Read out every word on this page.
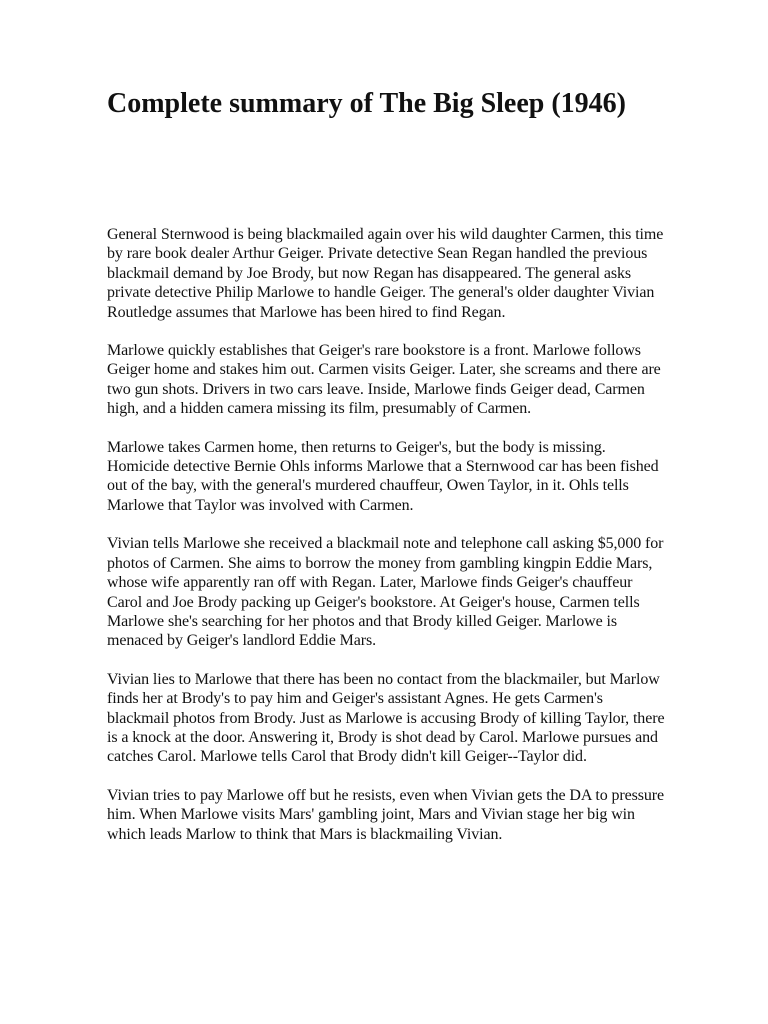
Complete summary of The Big Sleep (1946)

General Sternwood is being blackmailed again over his wild daughter Carmen, this time by rare book dealer Arthur Geiger. Private detective Sean Regan handled the previous blackmail demand by Joe Brody, but now Regan has disappeared. The general asks private detective Philip Marlowe to handle Geiger. The general's older daughter Vivian Routledge assumes that Marlowe has been hired to find Regan.

Marlowe quickly establishes that Geiger's rare bookstore is a front. Marlowe follows Geiger home and stakes him out. Carmen visits Geiger. Later, she screams and there are two gun shots. Drivers in two cars leave. Inside, Marlowe finds Geiger dead, Carmen high, and a hidden camera missing its film, presumably of Carmen.

Marlowe takes Carmen home, then returns to Geiger's, but the body is missing. Homicide detective Bernie Ohls informs Marlowe that a Sternwood car has been fished out of the bay, with the general's murdered chauffeur, Owen Taylor, in it. Ohls tells Marlowe that Taylor was involved with Carmen.

Vivian tells Marlowe she received a blackmail note and telephone call asking $5,000 for photos of Carmen. She aims to borrow the money from gambling kingpin Eddie Mars, whose wife apparently ran off with Regan. Later, Marlowe finds Geiger's chauffeur Carol and Joe Brody packing up Geiger's bookstore. At Geiger's house, Carmen tells Marlowe she's searching for her photos and that Brody killed Geiger. Marlowe is menaced by Geiger's landlord Eddie Mars.

Vivian lies to Marlowe that there has been no contact from the blackmailer, but Marlow finds her at Brody's to pay him and Geiger's assistant Agnes. He gets Carmen's blackmail photos from Brody. Just as Marlowe is accusing Brody of killing Taylor, there is a knock at the door. Answering it, Brody is shot dead by Carol. Marlowe pursues and catches Carol. Marlowe tells Carol that Brody didn't kill Geiger--Taylor did.

Vivian tries to pay Marlowe off but he resists, even when Vivian gets the DA to pressure him. When Marlowe visits Mars' gambling joint, Mars and Vivian stage her big win which leads Marlow to think that Mars is blackmailing Vivian.
